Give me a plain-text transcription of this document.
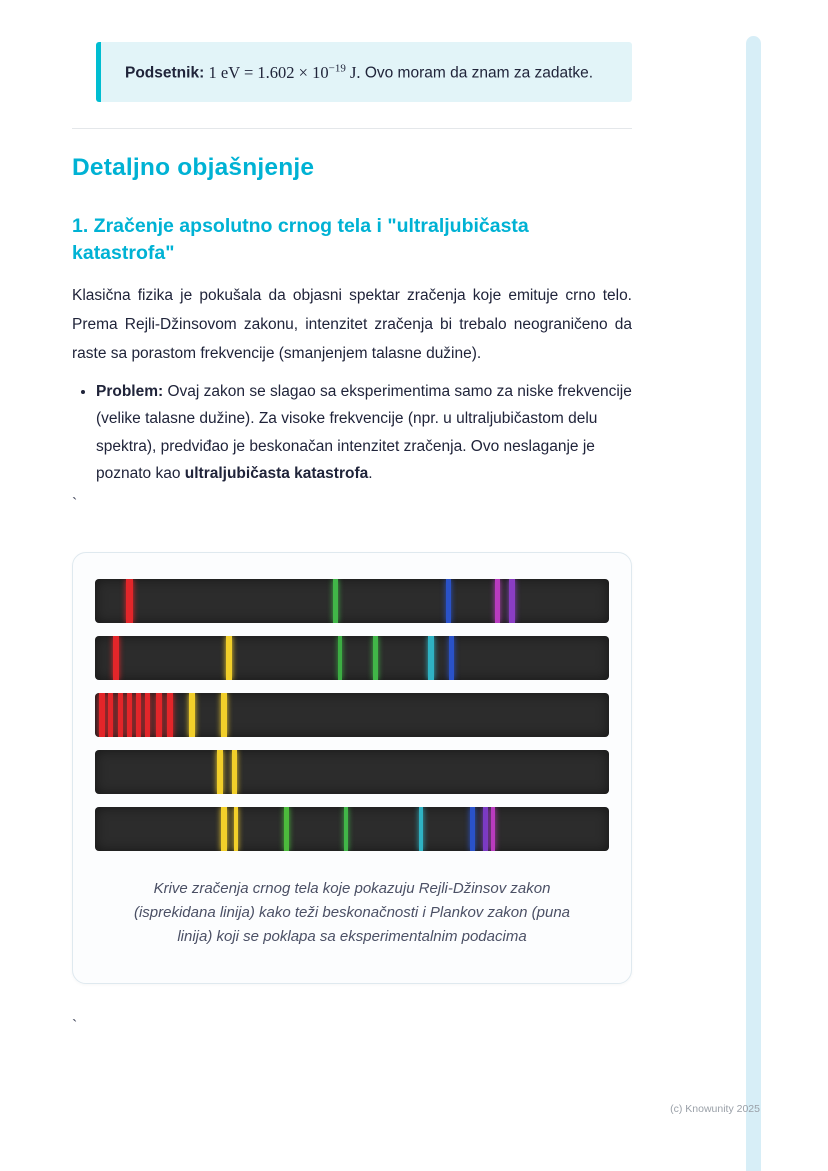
Podsetnik: 1 eV = $1.602 \times 10^{-19}$ J. Ovo moram da znam za zadatke.

Detaljno objašnjenje
1. Zračenje apsolutno crnog tela i "ultraljubičasta katastrofa"

Klasična fizika je pokušala da objasni spektar zračenja koje emituje crno telo. Prema Rejli-Džinsovom zakonu, intenzitet zračenja bi trebalo neograničeno da raste sa porastom frekvencije (smanjenjem talasne dužine).

• Problem: Ovaj zakon se slagao sa eksperimentima samo za niske frekvencije (velike talasne dužine). Za visoke frekvencije (npr. u ultraljubičastom delu spektra), predviđao je beskonačan intenzitet zračenja. Ovo neslaganje je poznato kao ultraljubičasta katastrofa.
`
Krive zračenja crnog tela koje pokazuju Rejli-Džinsov zakon (isprekidana linija) kako teži beskonačnosti i Plankov zakon (puna linija) koji se poklapa sa eksperimentalnim podacima
`
(c) Knowunity 2025
